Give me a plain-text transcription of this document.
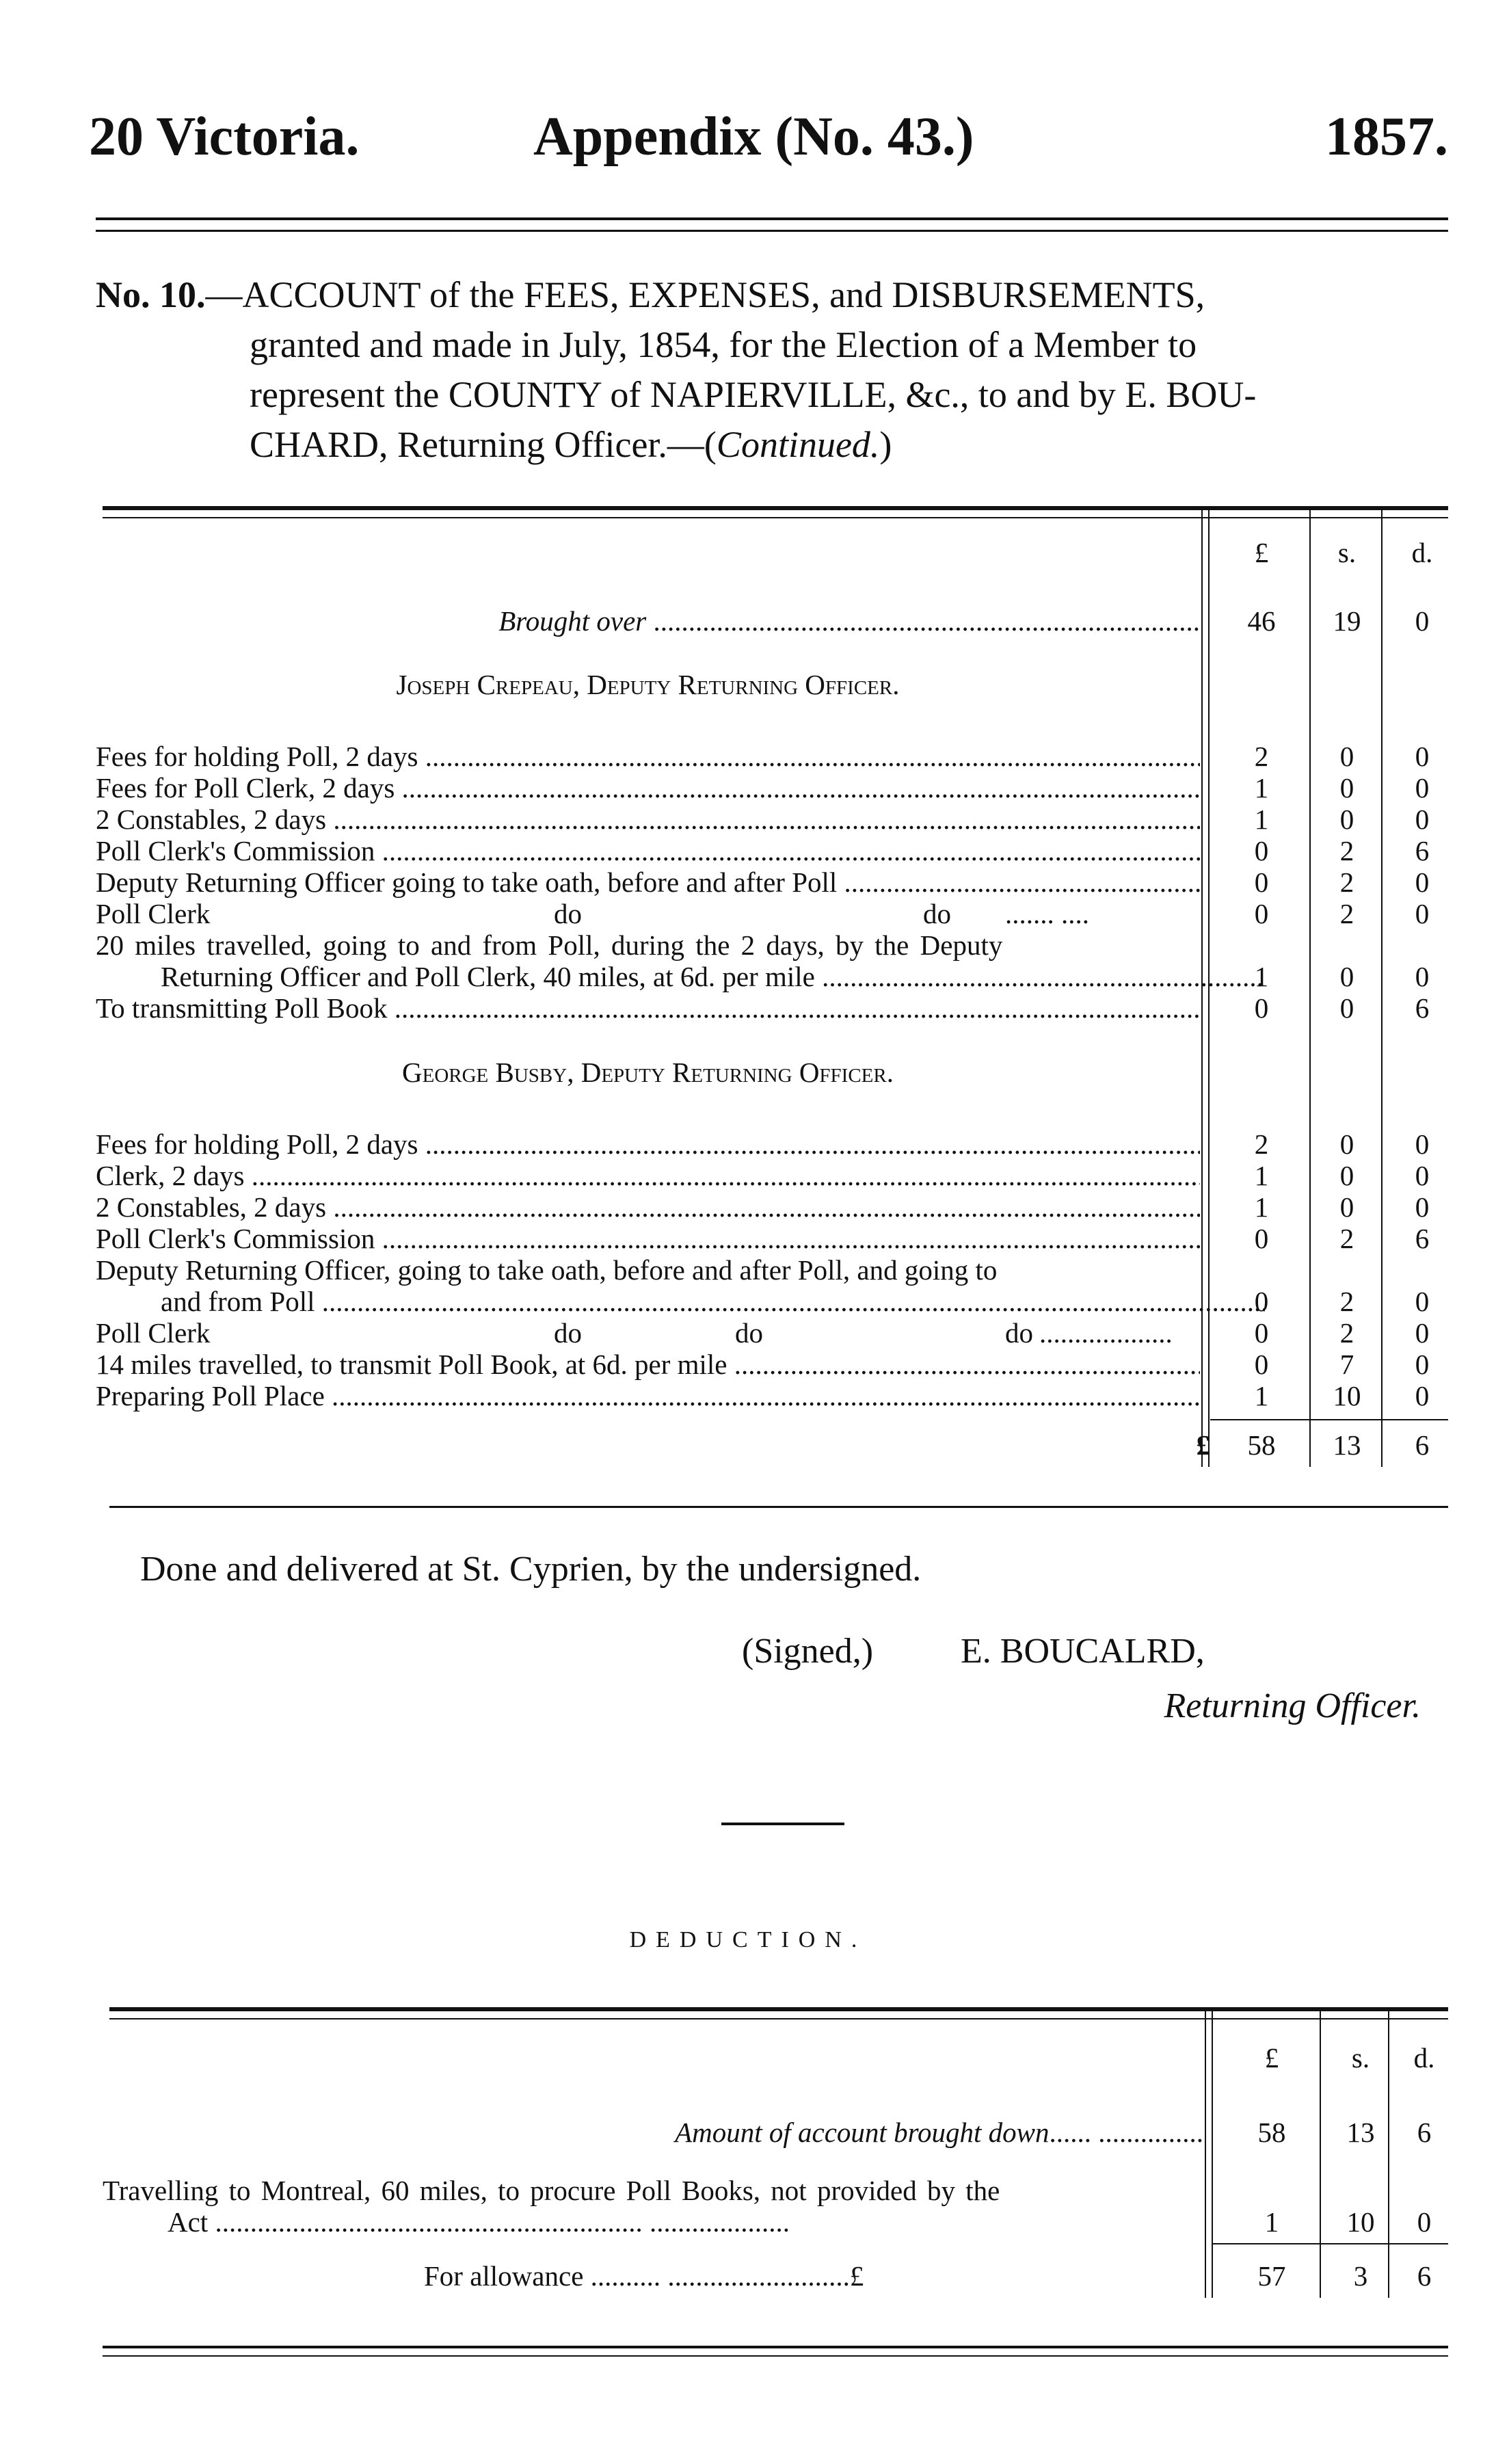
20 Victoria.	Appendix (No. 43.)	1857.
No. 10.—ACCOUNT of the FEES, EXPENSES, and DISBURSEMENTS,
granted and made in July, 1854, for the Election of a Member to
represent the COUNTY of NAPIERVILLE, &c., to and by E. BOU-
CHARD, Returning Officer.—(Continued.)
£	s.	d.
Brought over ..............................................................................	46	19	0
Joseph Crepeau, Deputy Returning Officer.
Fees for holding Poll, 2 days .....	2	0	0
Fees for Poll Clerk, 2 days .....	1	0	0
2 Constables, 2 days .....	1	0	0
Poll Clerk's Commission .....	0	2	6
Deputy Returning Officer going to take oath, before and after Poll .....	0	2	0
Poll Clerk	do	do ....... ....	0	2	0
20 miles travelled, going to and from Poll, during the 2 days, by the Deputy
Returning Officer and Poll Clerk, 40 miles, at 6d. per mile .....	1	0	0
To transmitting Poll Book .....	0	0	6
George Busby, Deputy Returning Officer.
Fees for holding Poll, 2 days .....	2	0	0
Clerk, 2 days .....	1	0	0
2 Constables, 2 days .....	1	0	0
Poll Clerk's Commission .....	0	2	6
Deputy Returning Officer, going to take oath, before and after Poll, and going to
and from Poll .....	0	2	0
Poll Clerk	do	do	do ...................	0	2	0
14 miles travelled, to transmit Poll Book, at 6d. per mile .....	0	7	0
Preparing Poll Place .....	1	10	0
£	58	13	6
Done and delivered at St. Cyprien, by the undersigned.
(Signed,) E. BOUCALRD,
Returning Officer.
DEDUCTION.
£	s.	d.
Amount of account brought down...... ...............	58	13	6
Travelling to Montreal, 60 miles, to procure Poll Books, not provided by the
Act ............................................................. ....................	1	10	0
For allowance .......... ..........................£	57	3	6
